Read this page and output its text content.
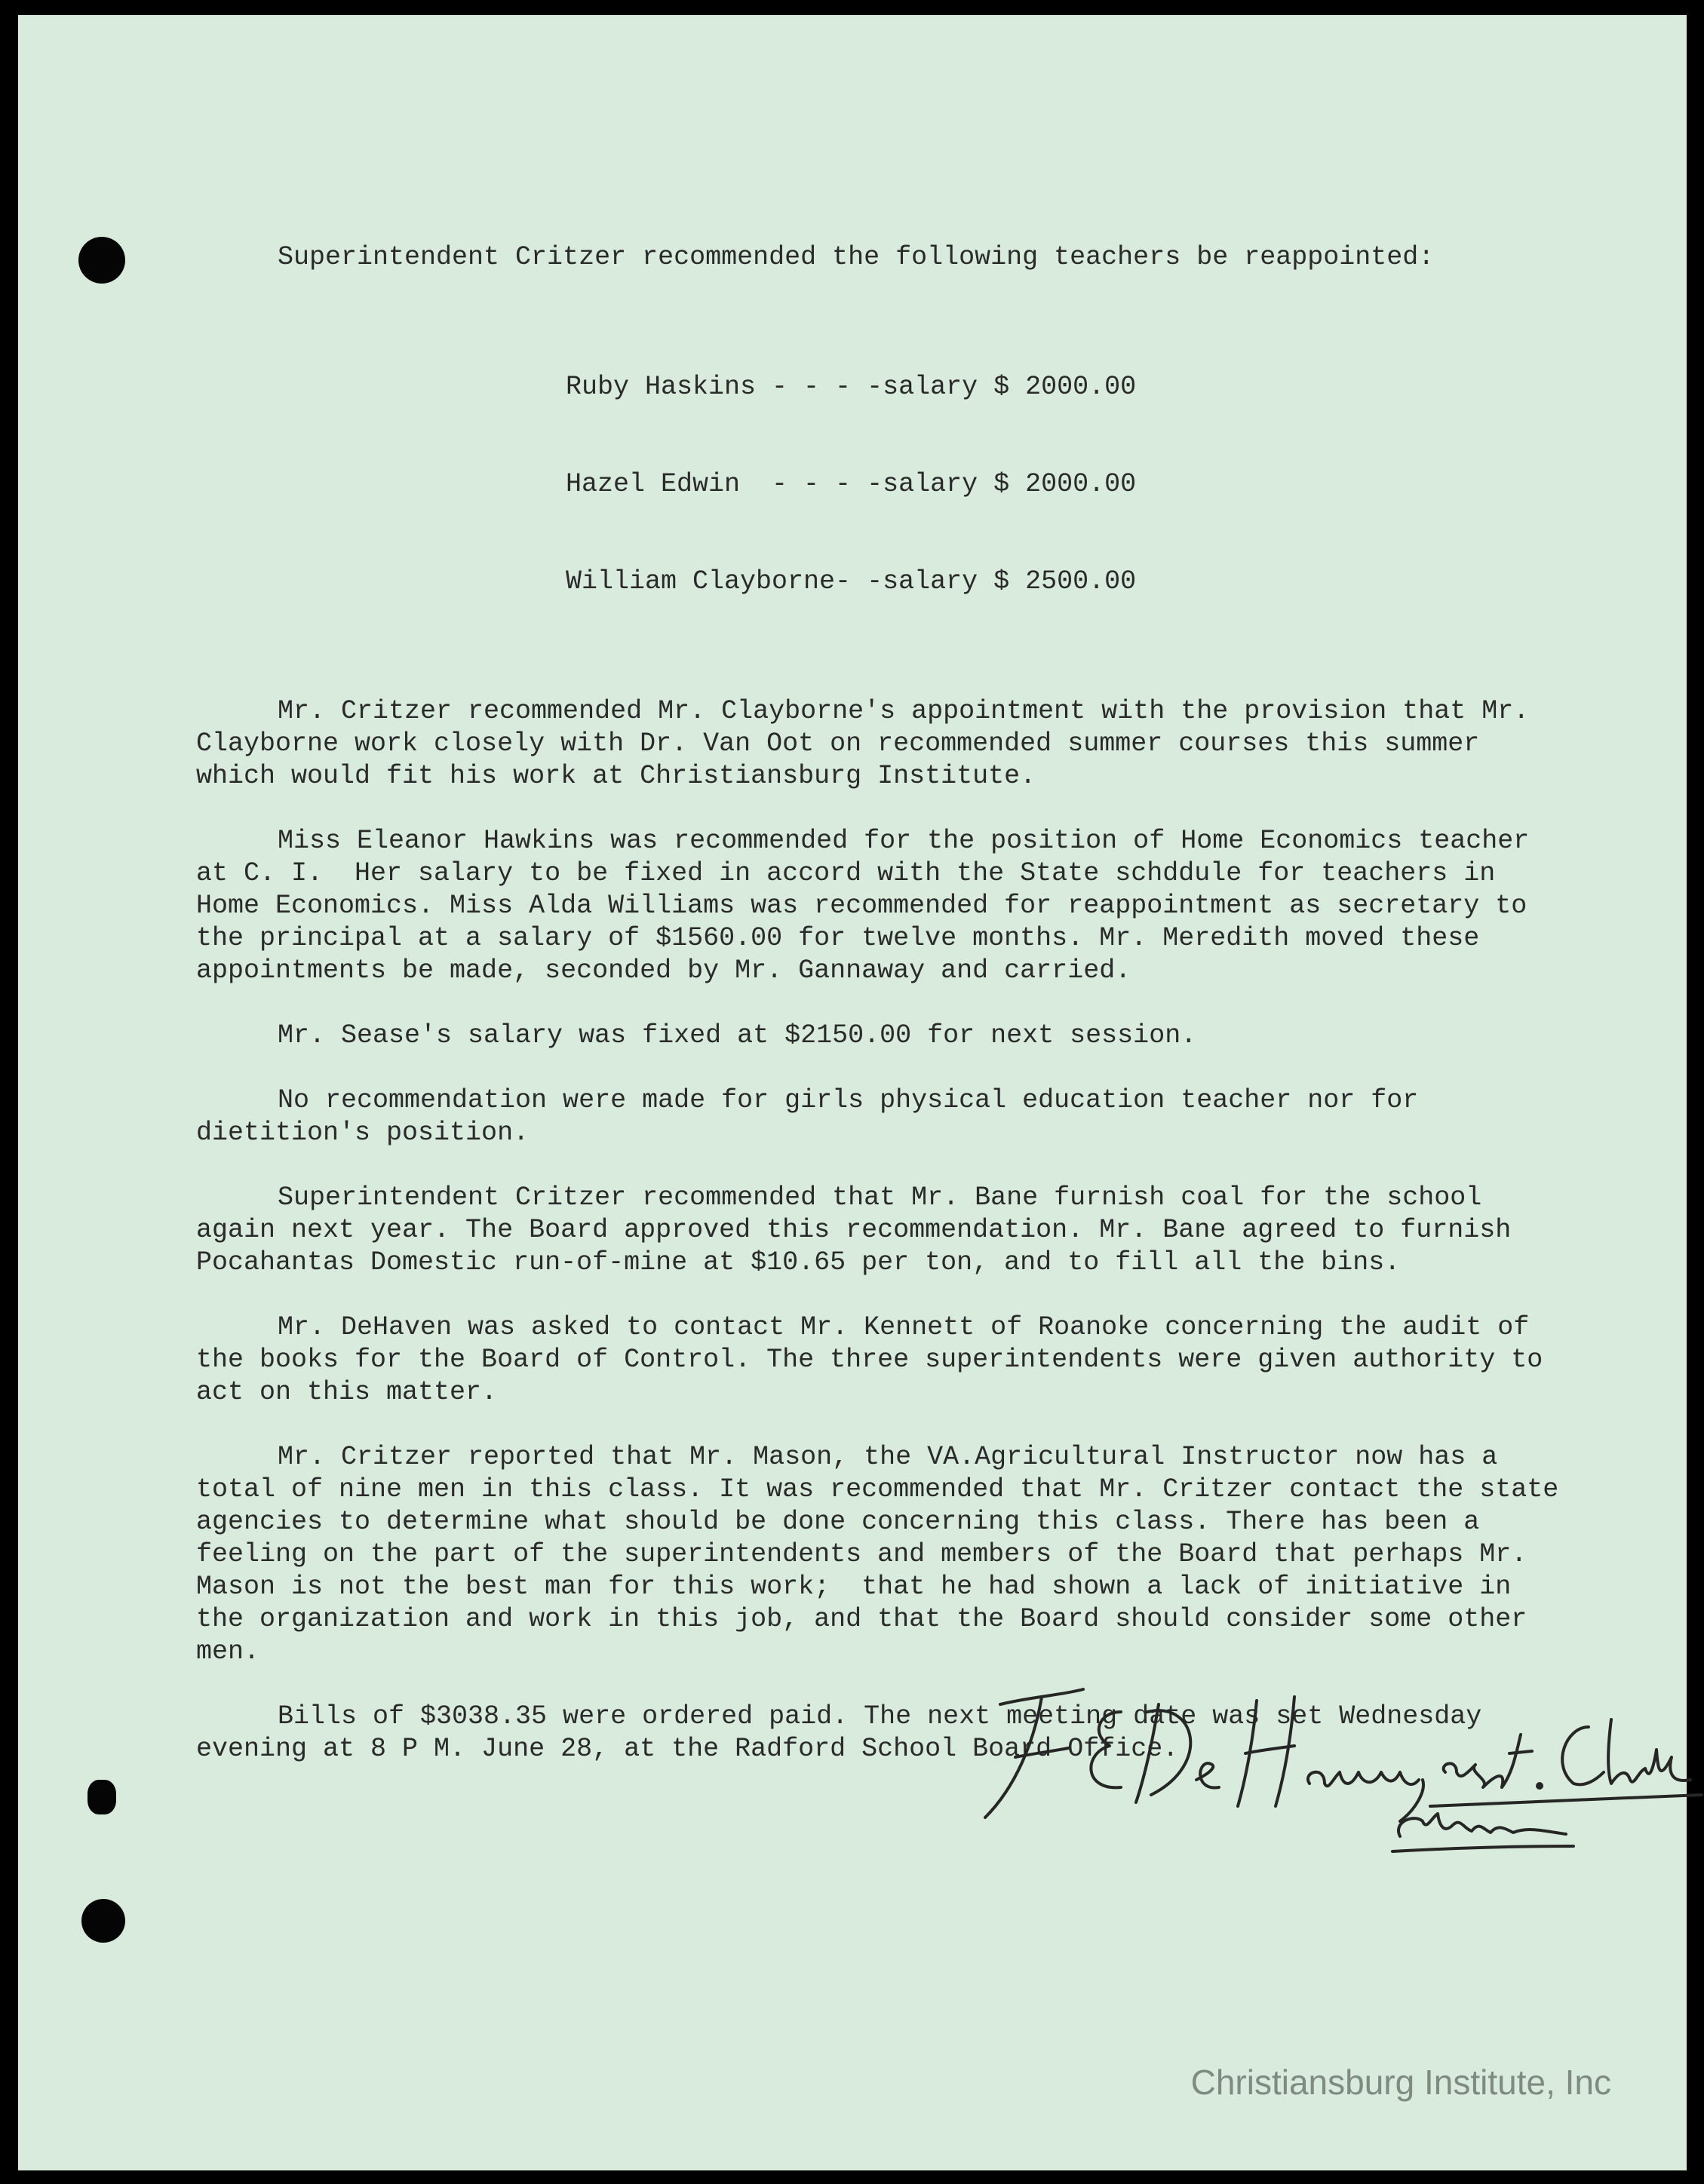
Superintendent Critzer recommended the following teachers be reappointed:

Ruby Haskins - - - -salary $ 2000.00

Hazel Edwin  - - - -salary $ 2000.00

William Clayborne- -salary $ 2500.00

Mr. Critzer recommended Mr. Clayborne's appointment with the provision that Mr. Clayborne work closely with Dr. Van Oot on recommended summer courses this summer which would fit his work at Christiansburg Institute.

Miss Eleanor Hawkins was recommended for the position of Home Economics teacher at C. I.  Her salary to be fixed in accord with the State schddule for teachers in Home Economics. Miss Alda Williams was recommended for reappointment as secretary to the principal at a salary of $1560.00 for twelve months. Mr. Meredith moved these appointments be made, seconded by Mr. Gannaway and carried.

Mr. Sease's salary was fixed at $2150.00 for next session.

No recommendation were made for girls physical education teacher nor for dietition's position.

Superintendent Critzer recommended that Mr. Bane furnish coal for the school again next year. The Board approved this recommendation. Mr. Bane agreed to furnish Pocahantas Domestic run-of-mine at $10.65 per ton, and to fill all the bins.

Mr. DeHaven was asked to contact Mr. Kennett of Roanoke concerning the audit of the books for the Board of Control. The three superintendents were given authority to act on this matter.

Mr. Critzer reported that Mr. Mason, the VA.Agricultural Instructor now has a total of nine men in this class. It was recommended that Mr. Critzer contact the state agencies to determine what should be done concerning this class. There has been a feeling on the part of the superintendents and members of the Board that perhaps Mr. Mason is not the best man for this work;  that he had shown a lack of initiative in the organization and work in this job, and that the Board should consider some other men.

Bills of $3038.35 were ordered paid. The next meeting date was set Wednesday evening at 8 P M. June 28, at the Radford School Board Office.

F E De Haven, asst. Clerk
Chairman
Christiansburg Institute, Inc
